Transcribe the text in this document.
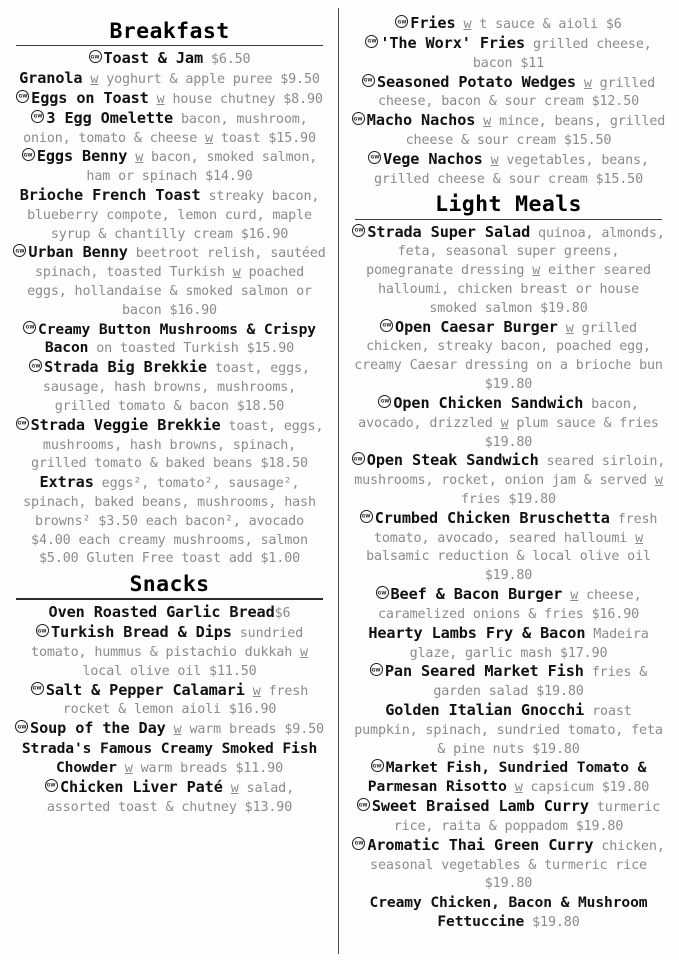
Breakfast

GWToast & Jam $6.50

Granola w yoghurt & apple puree $9.50

GWEggs on Toast w house chutney $8.90

GW3 Egg Omelette bacon, mushroom, onion, tomato & cheese w toast $15.90

GWEggs Benny w bacon, smoked salmon, ham or spinach $14.90

Brioche French Toast streaky bacon, blueberry compote, lemon curd, maple syrup & chantilly cream $16.90

GWUrban Benny beetroot relish, sautéed spinach, toasted Turkish w poached eggs, hollandaise & smoked salmon or bacon $16.90

GWCreamy Button Mushrooms & Crispy Bacon on toasted Turkish $15.90

GWStrada Big Brekkie toast, eggs, sausage, hash browns, mushrooms, grilled tomato & bacon $18.50

GWStrada Veggie Brekkie toast, eggs, mushrooms, hash browns, spinach, grilled tomato & baked beans $18.50

Extras eggs², tomato², sausage², spinach, baked beans, mushrooms, hash browns² $3.50 each bacon², avocado $4.00 each creamy mushrooms, salmon $5.00 Gluten Free toast add $1.00

Snacks

Oven Roasted Garlic Bread$6

GWTurkish Bread & Dips sundried tomato, hummus & pistachio dukkah w local olive oil $11.50

GWSalt & Pepper Calamari w fresh rocket & lemon aioli $16.90

GWSoup of the Day w warm breads $9.50

Strada's Famous Creamy Smoked Fish Chowder w warm breads $11.90

GWChicken Liver Paté w salad, assorted toast & chutney $13.90

GWFries w t sauce & aioli $6

GW'The Worx' Fries grilled cheese, bacon $11

GWSeasoned Potato Wedges w grilled cheese, bacon & sour cream $12.50

GWMacho Nachos w mince, beans, grilled cheese & sour cream $15.50

GWVege Nachos w vegetables, beans, grilled cheese & sour cream $15.50

Light Meals

GWStrada Super Salad quinoa, almonds, feta, seasonal super greens, pomegranate dressing w either seared halloumi, chicken breast or house smoked salmon $19.80

GWOpen Caesar Burger w grilled chicken, streaky bacon, poached egg, creamy Caesar dressing on a brioche bun $19.80

GWOpen Chicken Sandwich bacon, avocado, drizzled w plum sauce & fries $19.80

GWOpen Steak Sandwich seared sirloin, mushrooms, rocket, onion jam & served w fries $19.80

GWCrumbed Chicken Bruschetta fresh tomato, avocado, seared halloumi w balsamic reduction & local olive oil $19.80

GWBeef & Bacon Burger w cheese, caramelized onions & fries $16.90

Hearty Lambs Fry & Bacon Madeira glaze, garlic mash $17.90

GWPan Seared Market Fish fries & garden salad $19.80

Golden Italian Gnocchi roast pumpkin, spinach, sundried tomato, feta & pine nuts $19.80

GWMarket Fish, Sundried Tomato & Parmesan Risotto w capsicum $19.80

GWSweet Braised Lamb Curry turmeric rice, raita & poppadom $19.80

GWAromatic Thai Green Curry chicken, seasonal vegetables & turmeric rice $19.80

Creamy Chicken, Bacon & Mushroom Fettuccine $19.80
